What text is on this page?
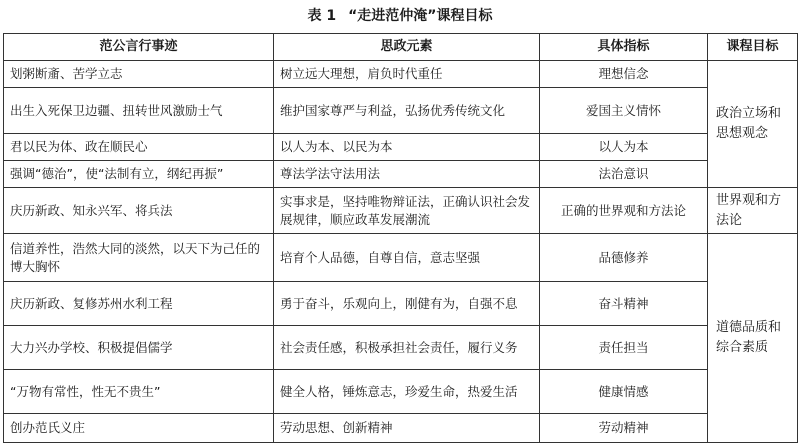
表 1 “走进范仲淹”课程目标
范公言行事迹	思政元素	具体指标	课程目标
划粥断齑、苦学立志	树立远大理想，肩负时代重任	理想信念	政治立场和思想观念
出生入死保卫边疆、扭转世风激励士气	维护国家尊严与利益，弘扬优秀传统文化	爱国主义情怀	
君以民为体、政在顺民心	以人为本、以民为本	以人为本	
强调“德治”，使“法制有立，纲纪再振”	尊法学法守法用法	法治意识	
庆历新政、知永兴军、将兵法	实事求是，坚持唯物辩证法，正确认识社会发展规律，顺应政革发展潮流	正确的世界观和方法论	世界观和方法论
信道养性，浩然大同的淡然，以天下为己任的博大胸怀	培育个人品德，自尊自信，意志坚强	品德修养	道德品质和综合素质
庆历新政、复修苏州水利工程	勇于奋斗，乐观向上，刚健有为，自强不息	奋斗精神	
大力兴办学校、积极提倡儒学	社会责任感，积极承担社会责任，履行义务	责任担当	
“万物有常性，性无不贵生”	健全人格，锤炼意志，珍爱生命，热爱生活	健康情感	
创办范氏义庄	劳动思想、创新精神	劳动精神	
